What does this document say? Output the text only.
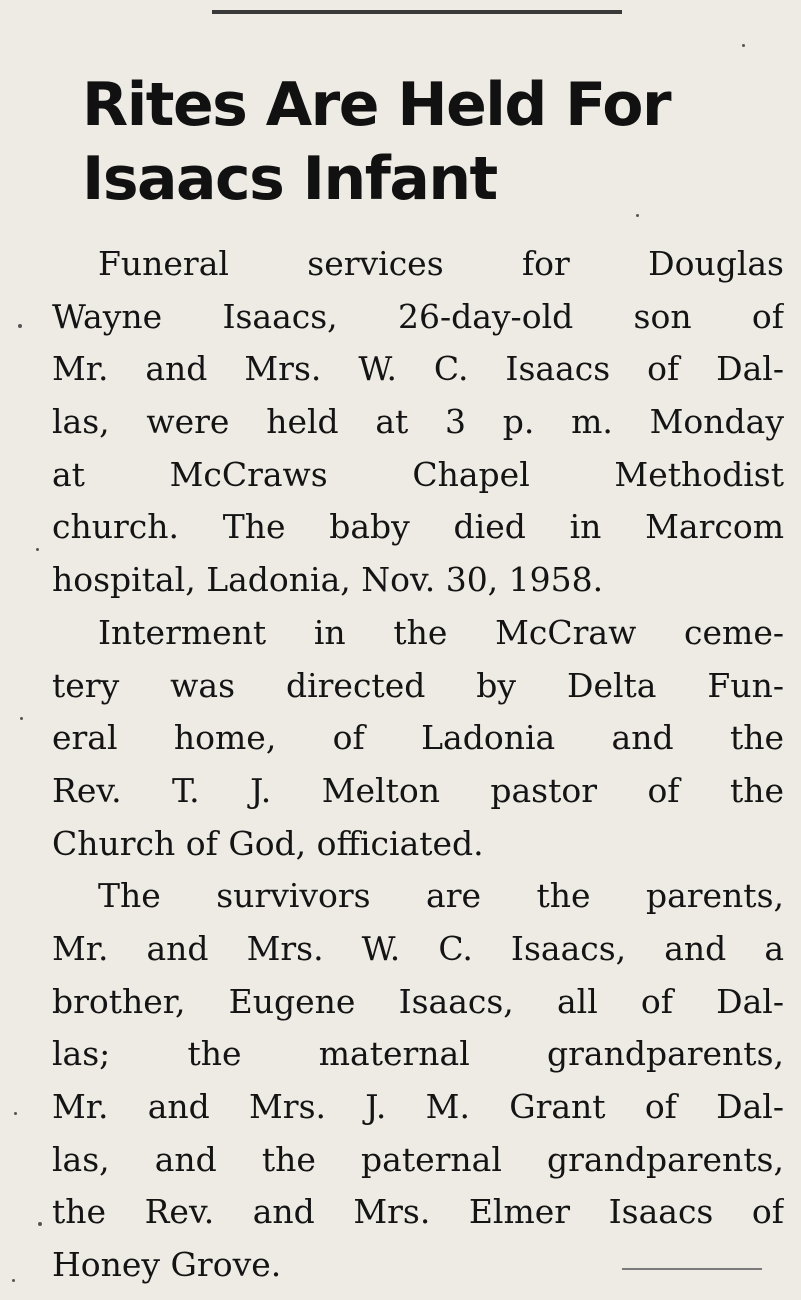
Rites Are Held For
Isaacs Infant
Funeral services for Douglas
Wayne Isaacs, 26-day-old son of
Mr. and Mrs. W. C. Isaacs of Dal-
las, were held at 3 p. m. Monday
at McCraws Chapel Methodist
church. The baby died in Marcom
hospital, Ladonia, Nov. 30, 1958.
Interment in the McCraw ceme-
tery was directed by Delta Fun-
eral home, of Ladonia and the
Rev. T. J. Melton pastor of the
Church of God, officiated.
The survivors are the parents,
Mr. and Mrs. W. C. Isaacs, and a
brother, Eugene Isaacs, all of Dal-
las; the maternal grandparents,
Mr. and Mrs. J. M. Grant of Dal-
las, and the paternal grandparents,
the Rev. and Mrs. Elmer Isaacs of
Honey Grove.
